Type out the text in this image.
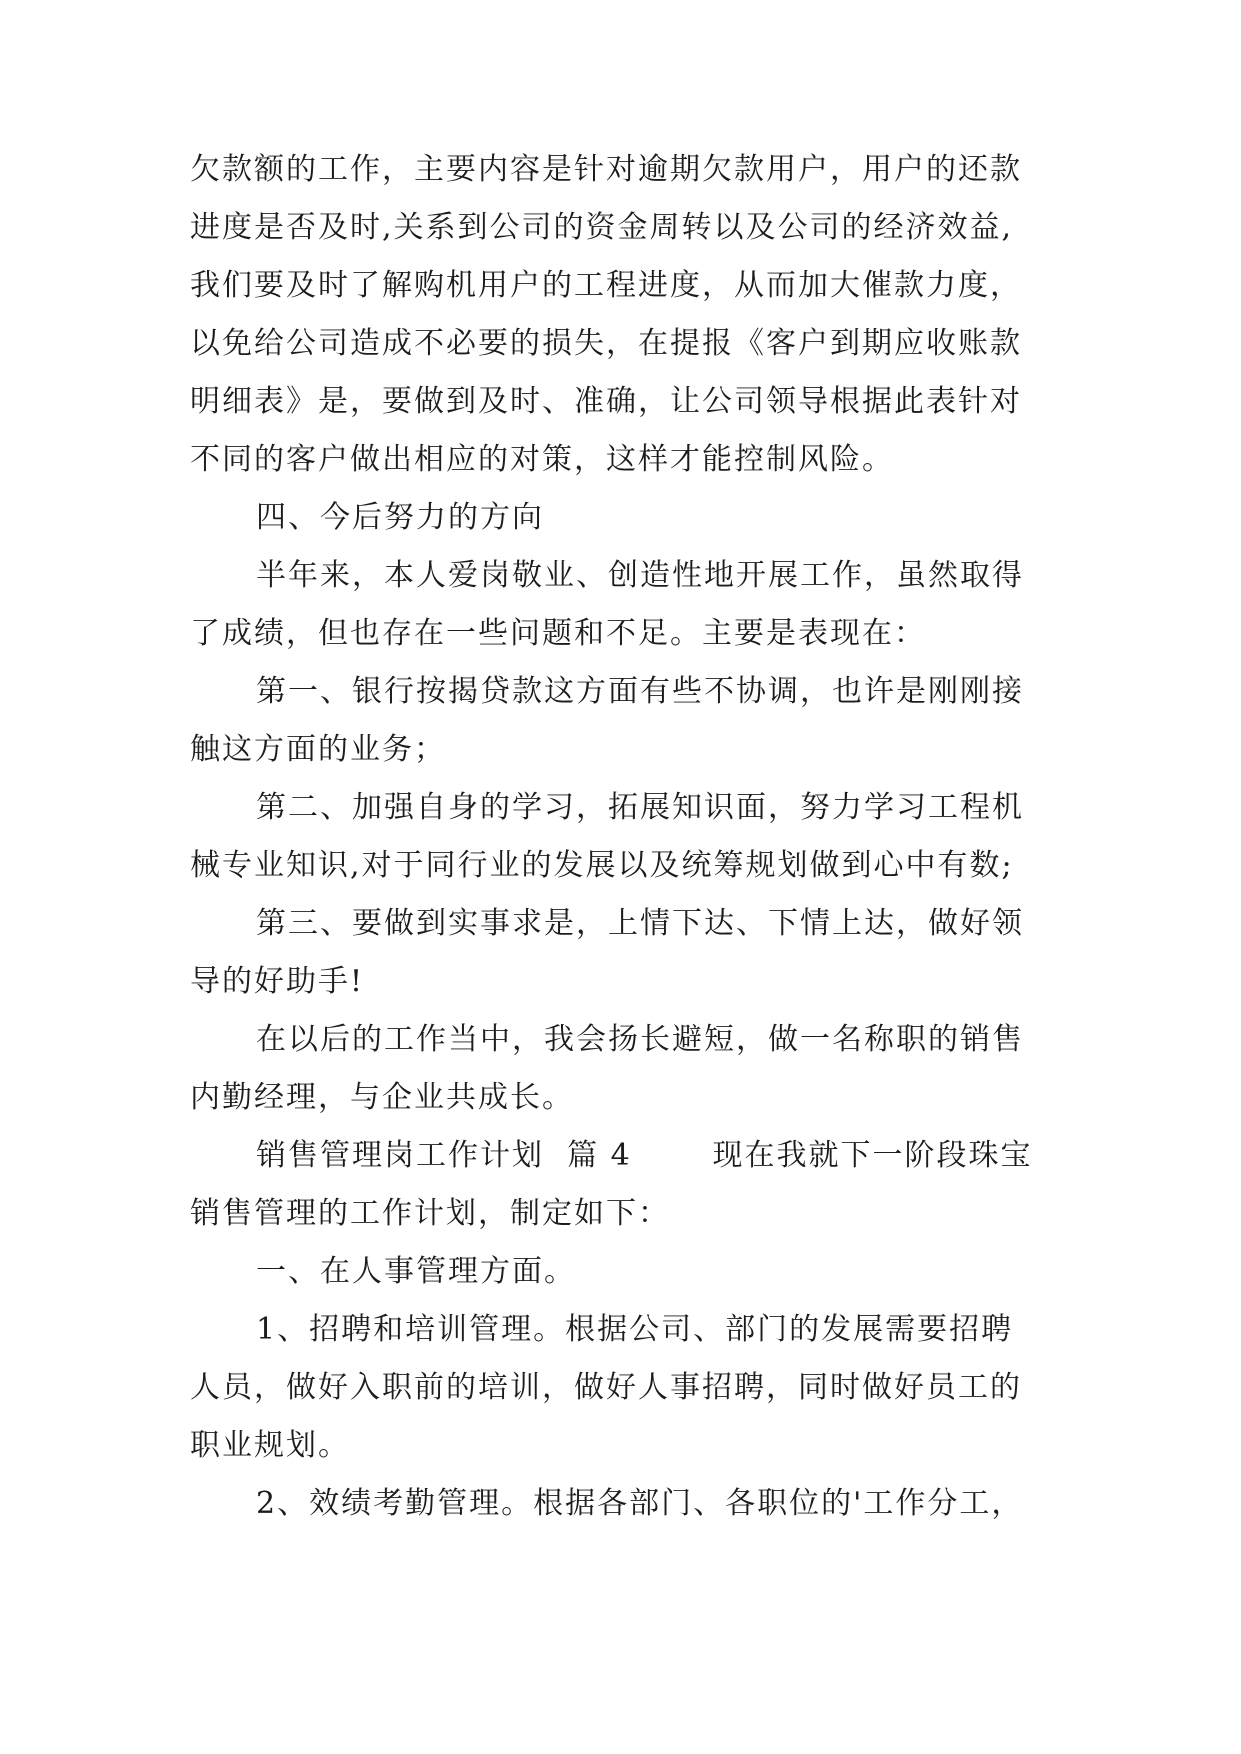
欠款额的工作，主要内容是针对逾期欠款用户，用户的还款
进度是否及时,关系到公司的资金周转以及公司的经济效益,
我们要及时了解购机用户的工程进度，从而加大催款力度，
以免给公司造成不必要的损失，在提报《客户到期应收账款
明细表》是，要做到及时、准确，让公司领导根据此表针对
不同的客户做出相应的对策，这样才能控制风险。
四、今后努力的方向
半年来，本人爱岗敬业、创造性地开展工作，虽然取得
了成绩，但也存在一些问题和不足。主要是表现在：
第一、银行按揭贷款这方面有些不协调，也许是刚刚接
触这方面的业务；
第二、加强自身的学习，拓展知识面，努力学习工程机
械专业知识,对于同行业的发展以及统筹规划做到心中有数;
第三、要做到实事求是，上情下达、下情上达，做好领
导的好助手!
在以后的工作当中，我会扬长避短，做一名称职的销售
内勤经理，与企业共成长。
销售管理岗工作计划  篇 4       现在我就下一阶段珠宝
销售管理的工作计划，制定如下：
一、在人事管理方面。
1、招聘和培训管理。根据公司、部门的发展需要招聘
人员，做好入职前的培训，做好人事招聘，同时做好员工的
职业规划。
2、效绩考勤管理。根据各部门、各职位的'工作分工，
